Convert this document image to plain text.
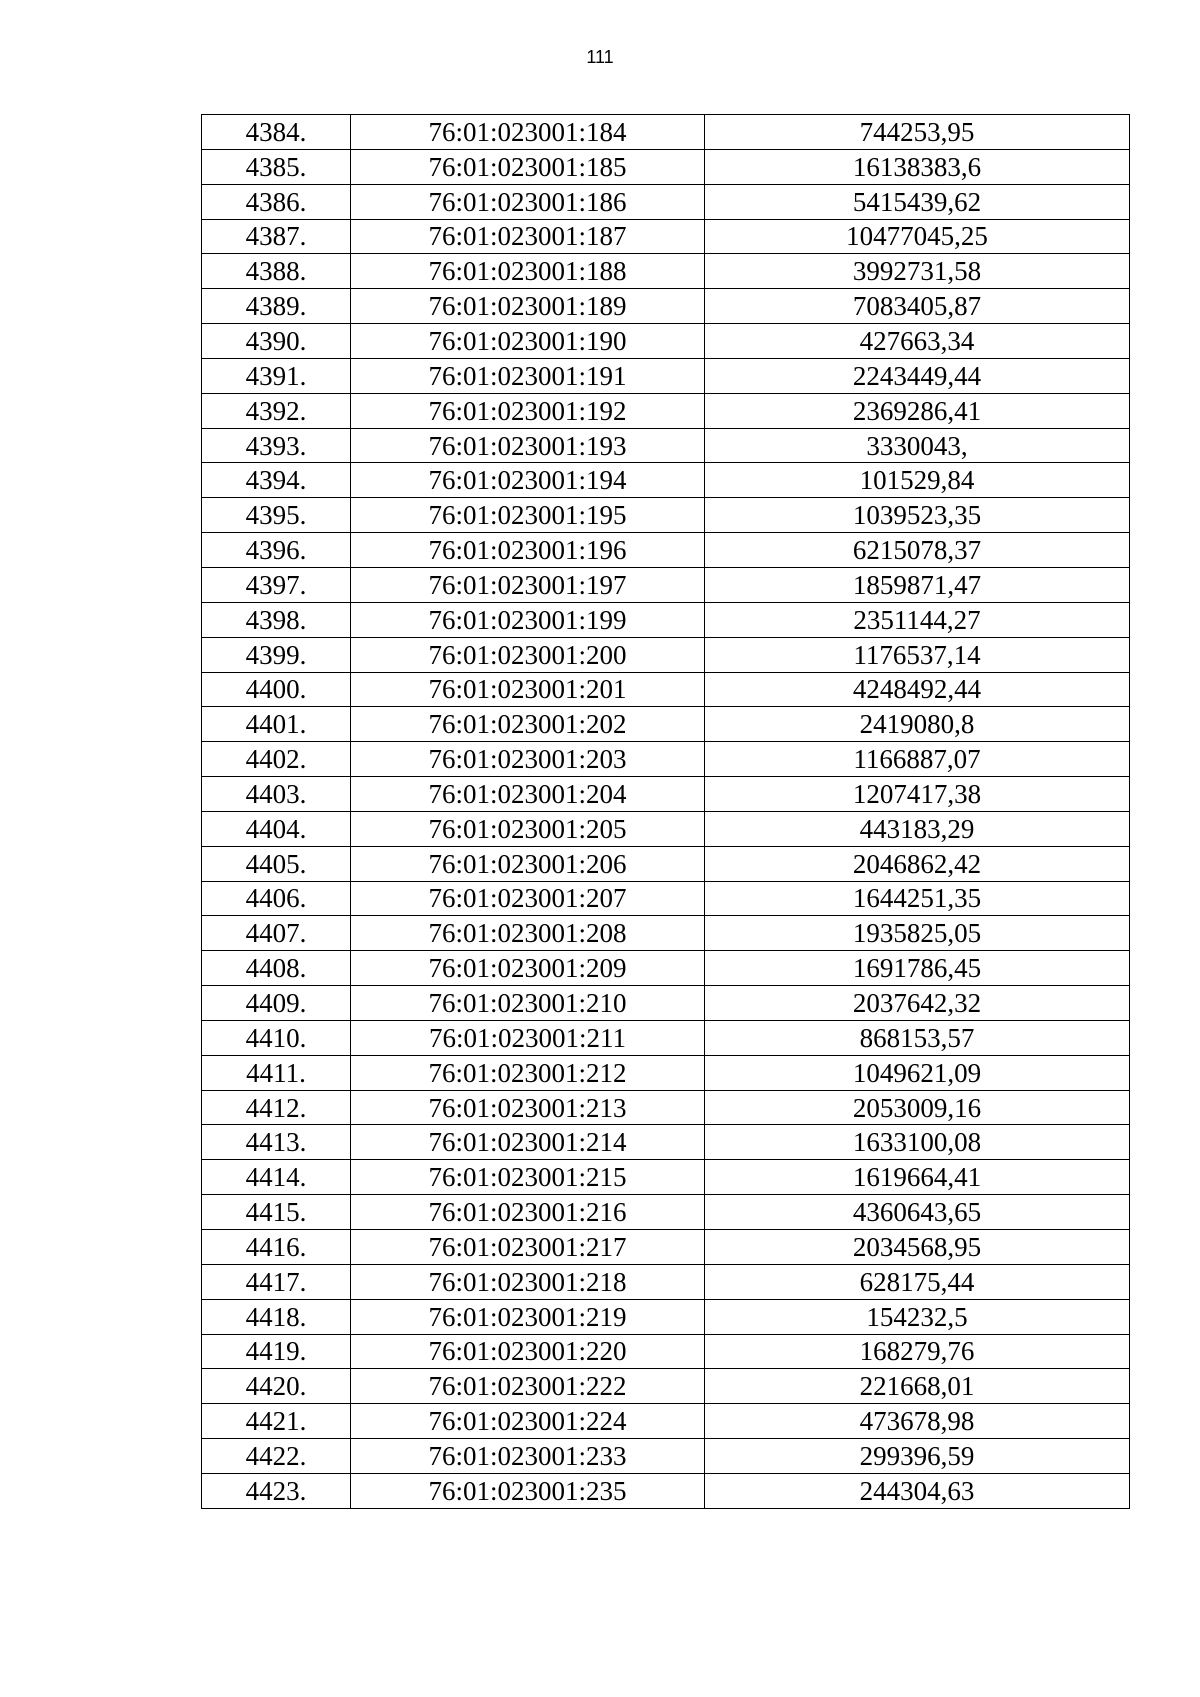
111
4384.	76:01:023001:184	744253,95
4385.	76:01:023001:185	16138383,6
4386.	76:01:023001:186	5415439,62
4387.	76:01:023001:187	10477045,25
4388.	76:01:023001:188	3992731,58
4389.	76:01:023001:189	7083405,87
4390.	76:01:023001:190	427663,34
4391.	76:01:023001:191	2243449,44
4392.	76:01:023001:192	2369286,41
4393.	76:01:023001:193	3330043,
4394.	76:01:023001:194	101529,84
4395.	76:01:023001:195	1039523,35
4396.	76:01:023001:196	6215078,37
4397.	76:01:023001:197	1859871,47
4398.	76:01:023001:199	2351144,27
4399.	76:01:023001:200	1176537,14
4400.	76:01:023001:201	4248492,44
4401.	76:01:023001:202	2419080,8
4402.	76:01:023001:203	1166887,07
4403.	76:01:023001:204	1207417,38
4404.	76:01:023001:205	443183,29
4405.	76:01:023001:206	2046862,42
4406.	76:01:023001:207	1644251,35
4407.	76:01:023001:208	1935825,05
4408.	76:01:023001:209	1691786,45
4409.	76:01:023001:210	2037642,32
4410.	76:01:023001:211	868153,57
4411.	76:01:023001:212	1049621,09
4412.	76:01:023001:213	2053009,16
4413.	76:01:023001:214	1633100,08
4414.	76:01:023001:215	1619664,41
4415.	76:01:023001:216	4360643,65
4416.	76:01:023001:217	2034568,95
4417.	76:01:023001:218	628175,44
4418.	76:01:023001:219	154232,5
4419.	76:01:023001:220	168279,76
4420.	76:01:023001:222	221668,01
4421.	76:01:023001:224	473678,98
4422.	76:01:023001:233	299396,59
4423.	76:01:023001:235	244304,63
